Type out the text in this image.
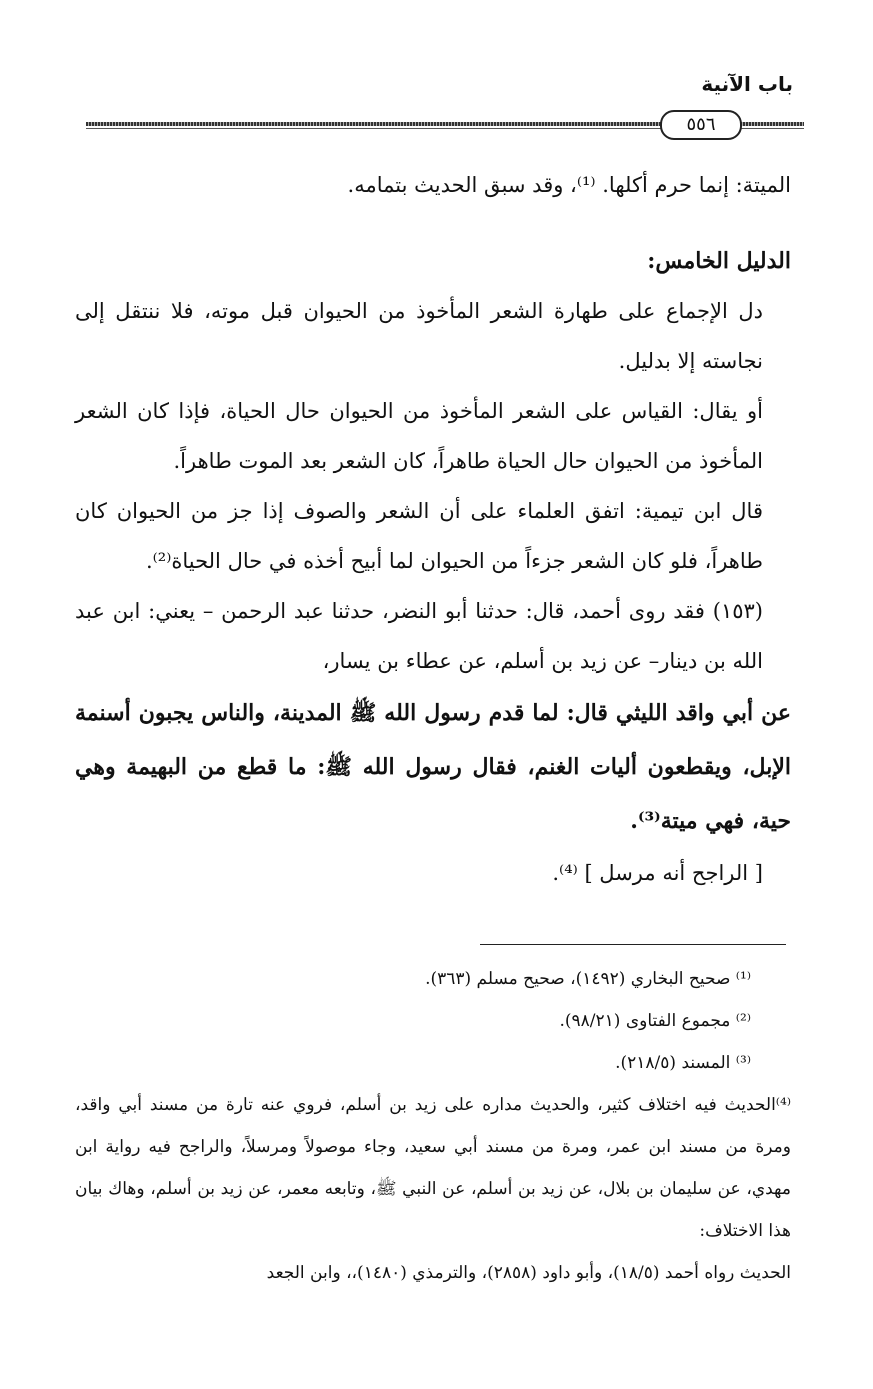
باب الآنية
٥٥٦

الميتة: إنما حرم أكلها. ⁽¹⁾، وقد سبق الحديث بتمامه.

الدليل الخامس:

دل الإجماع على طهارة الشعر المأخوذ من الحيوان قبل موته، فلا ننتقل إلى نجاسته إلا بدليل.

أو يقال: القياس على الشعر المأخوذ من الحيوان حال الحياة، فإذا كان الشعر المأخوذ من الحيوان حال الحياة طاهراً، كان الشعر بعد الموت طاهراً.

قال ابن تيمية: اتفق العلماء على أن الشعر والصوف إذا جز من الحيوان كان طاهراً، فلو كان الشعر جزءاً من الحيوان لما أبيح أخذه في حال الحياة⁽²⁾.

(١٥٣) فقد روى أحمد، قال: حدثنا أبو النضر، حدثنا عبد الرحمن – يعني: ابن عبد الله بن دينار– عن زيد بن أسلم، عن عطاء بن يسار،

عن أبي واقد الليثي قال: لما قدم رسول الله ﷺ المدينة، والناس يجبون أسنمة الإبل، ويقطعون أليات الغنم، فقال رسول الله ﷺ: ما قطع من البهيمة وهي حية، فهي ميتة⁽³⁾.

[ الراجح أنه مرسل ] ⁽⁴⁾.

⁽¹⁾ صحيح البخاري (١٤٩٢)، صحيح مسلم (٣٦٣).

⁽²⁾ مجموع الفتاوى (٩٨/٢١).

⁽³⁾ المسند (٢١٨/٥).

⁽⁴⁾الحديث فيه اختلاف كثير، والحديث مداره على زيد بن أسلم، فروي عنه تارة من مسند أبي واقد، ومرة من مسند ابن عمر، ومرة من مسند أبي سعيد، وجاء موصولاً ومرسلاً، والراجح فيه رواية ابن مهدي، عن سليمان بن بلال، عن زيد بن أسلم، عن النبي ﷺ، وتابعه معمر، عن زيد بن أسلم، وهاك بيان هذا الاختلاف:

الحديث رواه أحمد (١٨/٥)، وأبو داود (٢٨٥٨)، والترمذي (١٤٨٠)،، وابن الجعد
